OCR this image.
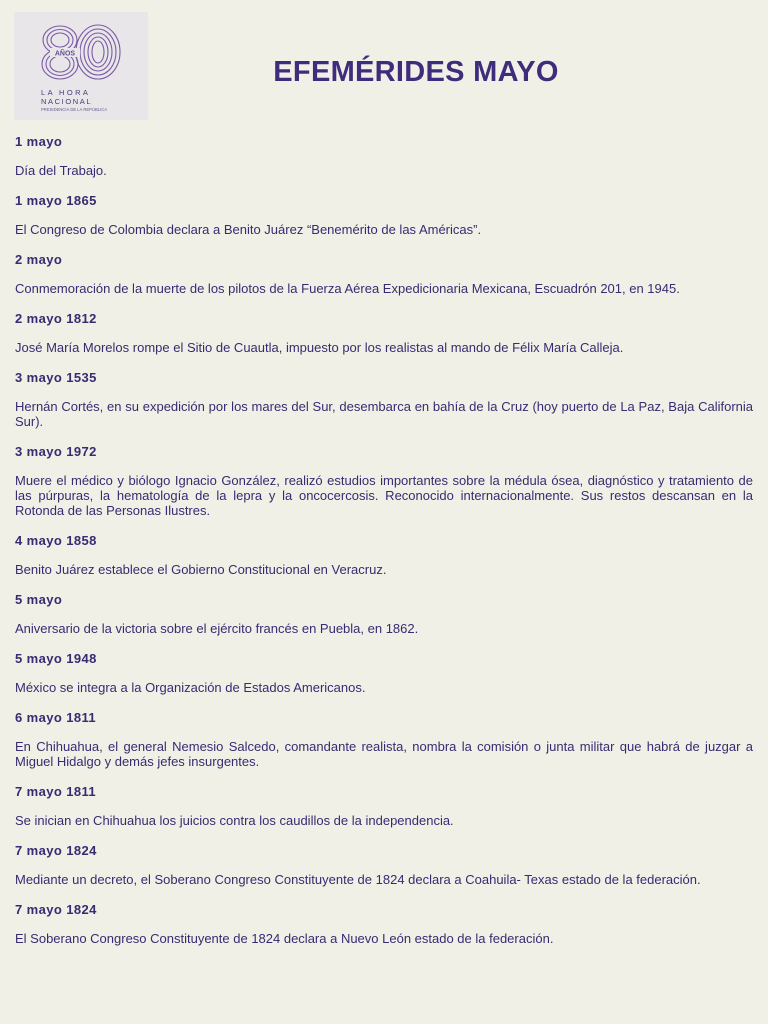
AÑOS
LA HORA
NACIONAL
PRESIDENCIA DE LA REPÚBLICA
EFEMÉRIDES MAYO
1 mayo
Día del Trabajo.
1 mayo 1865
El Congreso de Colombia declara a Benito Juárez “Benemérito de las Américas”.
2 mayo
Conmemoración de la muerte de los pilotos de la Fuerza Aérea Expedicionaria Mexicana, Escuadrón 201, en 1945.
2 mayo 1812
José María Morelos rompe el Sitio de Cuautla, impuesto por los realistas al mando de Félix María Calleja.
3 mayo 1535
Hernán Cortés, en su expedición por los mares del Sur, desembarca en bahía de la Cruz (hoy puerto de La Paz, Baja California Sur).
3 mayo 1972
Muere el médico y biólogo Ignacio González, realizó estudios importantes sobre la médula ósea, diagnóstico y tratamiento de las púrpuras, la hematología de la lepra y la oncocercosis. Reconocido internacionalmente. Sus restos descansan en la Rotonda de las Personas Ilustres.
4 mayo 1858
Benito Juárez establece el Gobierno Constitucional en Veracruz.
5 mayo
Aniversario de la victoria sobre el ejército francés en Puebla, en 1862.
5 mayo 1948
México se integra a la Organización de Estados Americanos.
6 mayo 1811
En Chihuahua, el general Nemesio Salcedo, comandante realista, nombra la comisión o junta militar que habrá de juzgar a Miguel Hidalgo y demás jefes insurgentes.
7 mayo 1811
Se inician en Chihuahua los juicios contra los caudillos de la independencia.
7 mayo 1824
Mediante un decreto, el Soberano Congreso Constituyente de 1824 declara a Coahuila- Texas estado de la federación.
7 mayo 1824
El Soberano Congreso Constituyente de 1824 declara a Nuevo León estado de la federación.
